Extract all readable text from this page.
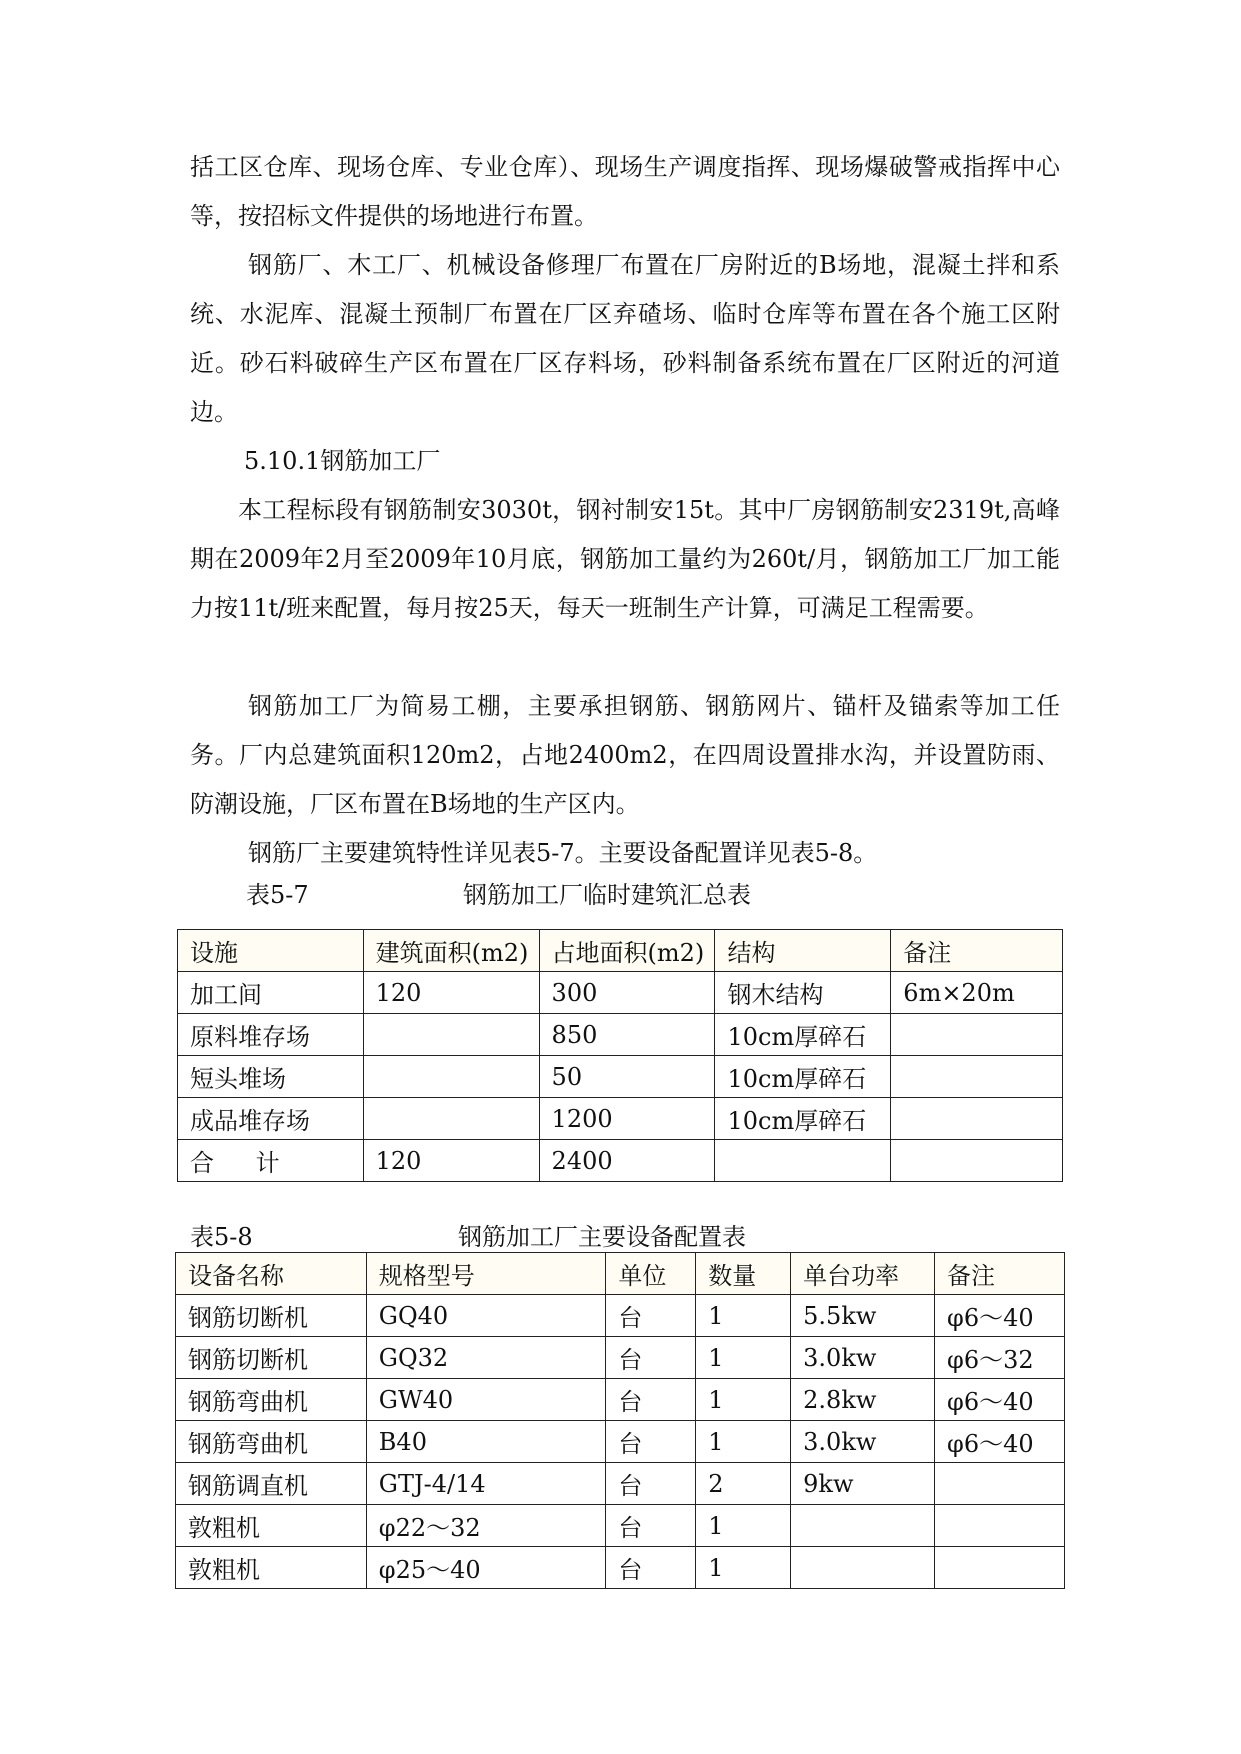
括工区仓库、现场仓库、专业仓库）、现场生产调度指挥、现场爆破警戒指挥中心等，按招标文件提供的场地进行布置。

钢筋厂、木工厂、机械设备修理厂布置在厂房附近的B场地，混凝土拌和系统、水泥库、混凝土预制厂布置在厂区弃碴场、临时仓库等布置在各个施工区附近。砂石料破碎生产区布置在厂区存料场，砂料制备系统布置在厂区附近的河道边。

5.10.1钢筋加工厂

本工程标段有钢筋制安3030t，钢衬制安15t。其中厂房钢筋制安2319t,高峰期在2009年2月至2009年10月底，钢筋加工量约为260t/月，钢筋加工厂加工能力按11t/班来配置，每月按25天，每天一班制生产计算，可满足工程需要。

钢筋加工厂为简易工棚，主要承担钢筋、钢筋网片、锚杆及锚索等加工任务。厂内总建筑面积120m2，占地2400m2，在四周设置排水沟，并设置防雨、防潮设施，厂区布置在B场地的生产区内。

钢筋厂主要建筑特性详见表5-7。主要设备配置详见表5-8。

表5-7	钢筋加工厂临时建筑汇总表
设施	建筑面积(m2)	占地面积(m2)	结构	备注
加工间	120	300	钢木结构	6m×20m
原料堆存场		850	10cm厚碎石	
短头堆场		50	10cm厚碎石	
成品堆存场		1200	10cm厚碎石	
合 计	120	2400		
表5-8	钢筋加工厂主要设备配置表
设备名称	规格型号	单位	数量	单台功率	备注
钢筋切断机	GQ40	台	1	5.5kw	φ6～40
钢筋切断机	GQ32	台	1	3.0kw	φ6～32
钢筋弯曲机	GW40	台	1	2.8kw	φ6～40
钢筋弯曲机	B40	台	1	3.0kw	φ6～40
钢筋调直机	GTJ-4/14	台	2	9kw	
敦粗机	φ22～32	台	1		
敦粗机	φ25～40	台	1		
